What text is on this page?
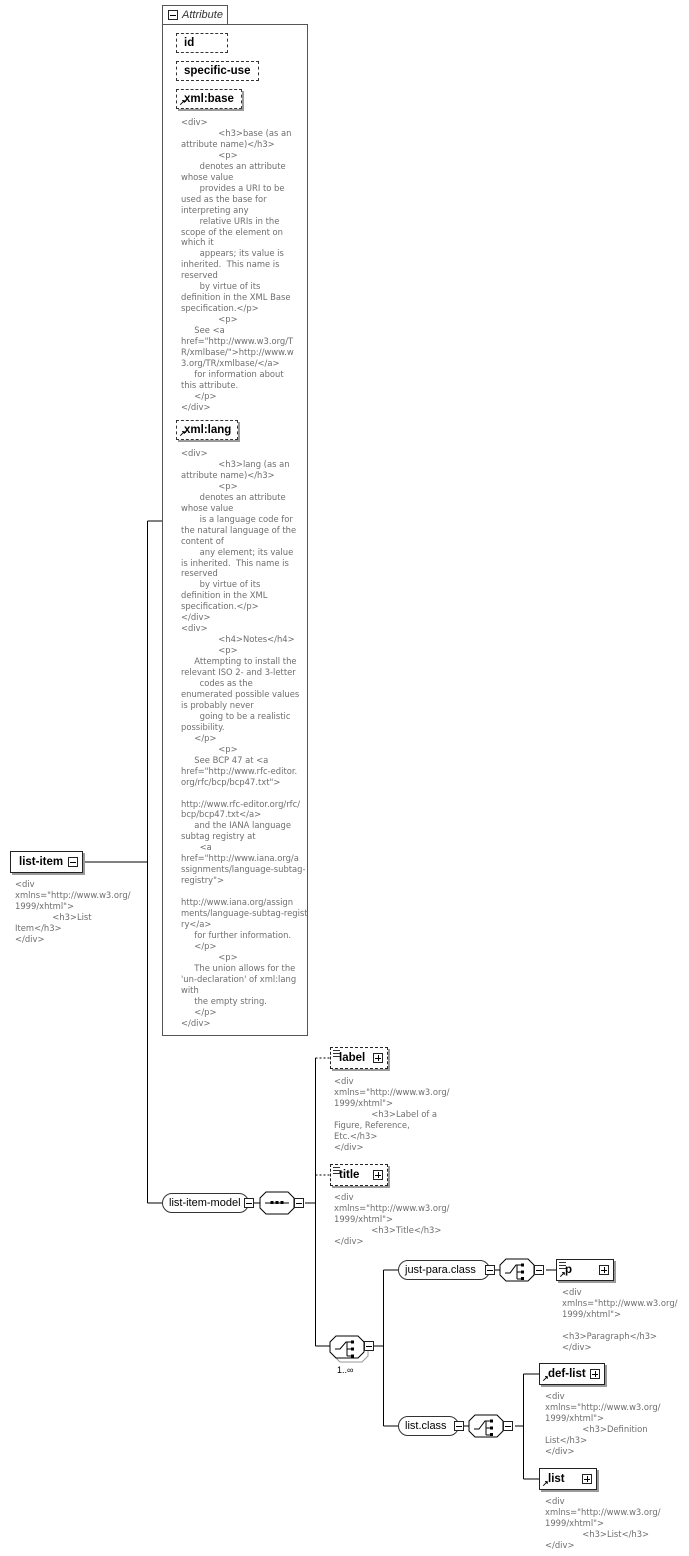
Attribute
id
specific-use
↗
xml:base
<div>
<h3>base (as an
attribute name)</h3>
<p>
denotes an attribute
whose value
provides a URI to be
used as the base for
interpreting any
relative URIs in the
scope of the element on
which it
appears; its value is
inherited.  This name is
reserved
by virtue of its
definition in the XML Base
specification.</p>
<p>
See <a
href="http://www.w3.org/T
R/xmlbase/">http://www.w
3.org/TR/xmlbase/</a>
for information about
this attribute.
</p>
</div>
↗
xml:lang
<div>
<h3>lang (as an
attribute name)</h3>
<p>
denotes an attribute
whose value
is a language code for
the natural language of the
content of
any element; its value
is inherited.  This name is
reserved
by virtue of its
definition in the XML
specification.</p>
</div>
<div>
<h4>Notes</h4>
<p>
Attempting to install the
relevant ISO 2- and 3-letter
codes as the
enumerated possible values
is probably never
going to be a realistic
possibility.
</p>
<p>
See BCP 47 at <a
href="http://www.rfc-editor.
org/rfc/bcp/bcp47.txt">

http://www.rfc-editor.org/rfc/
bcp/bcp47.txt</a>
and the IANA language
subtag registry at
<a
href="http://www.iana.org/a
ssignments/language-subtag-
registry">

http://www.iana.org/assign
ments/language-subtag-regist
ry</a>
for further information.
</p>
<p>
The union allows for the
'un-declaration' of xml:lang
with
the empty string.
</p>
</div>
list-item
<div
xmlns="http://www.w3.org/
1999/xhtml">
<h3>List
Item</h3>
</div>
list-item-model
label
<div
xmlns="http://www.w3.org/
1999/xhtml">
<h3>Label of a
Figure, Reference,
Etc.</h3>
</div>
title
<div
xmlns="http://www.w3.org/
1999/xhtml">
<h3>Title</h3>
</div>
1..∞
just-para.class	↗ p
<div
xmlns="http://www.w3.org/
1999/xhtml">

<h3>Paragraph</h3>
</div>
list.class
↗ def-list
<div
xmlns="http://www.w3.org/
1999/xhtml">
<h3>Definition
List</h3>
</div>
↗ list
<div
xmlns="http://www.w3.org/
1999/xhtml">
<h3>List</h3>
</div>
